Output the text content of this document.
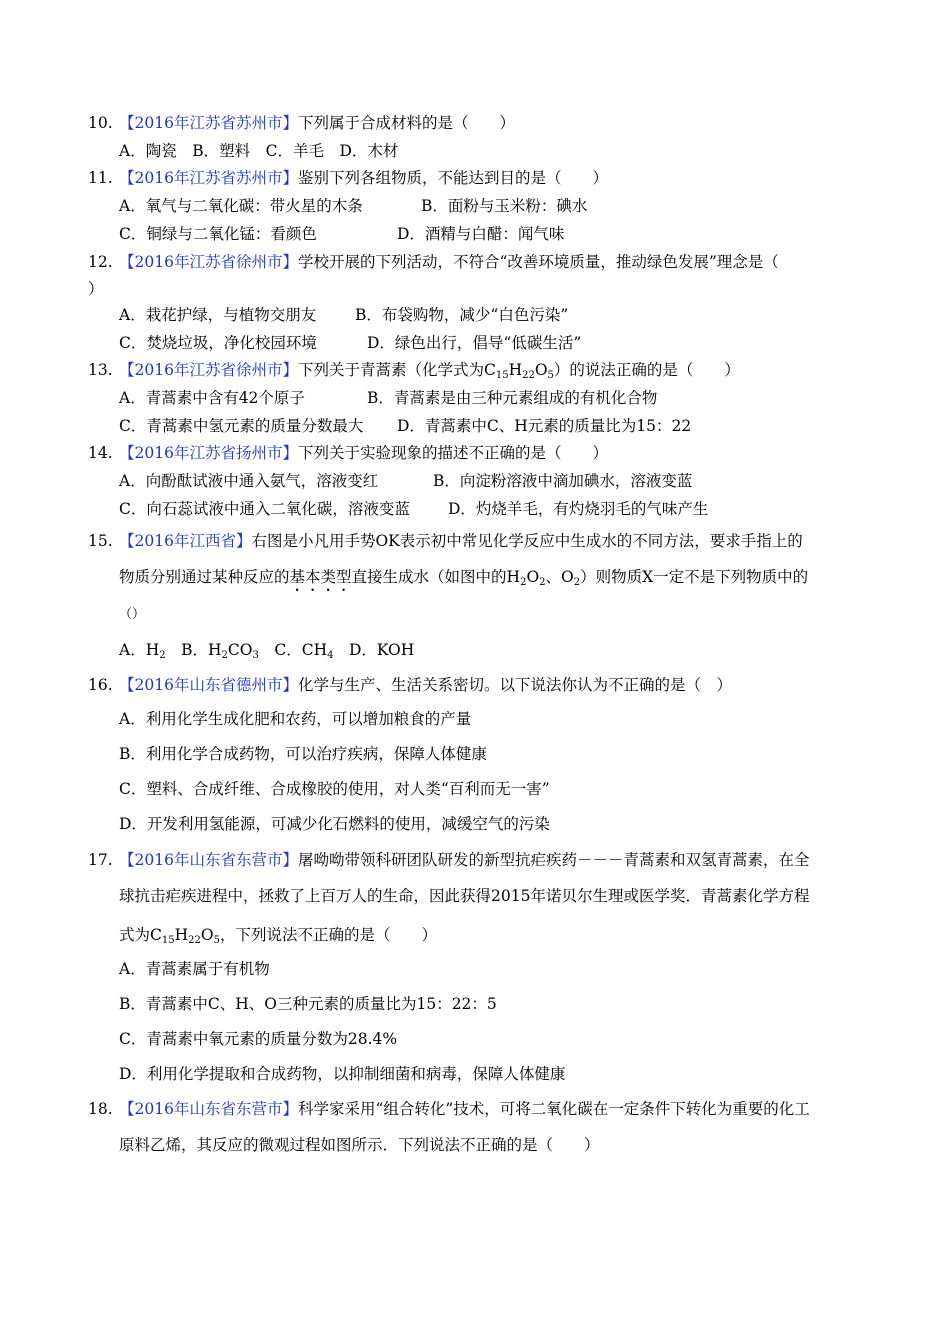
10. 【2016年江苏省苏州市】下列属于合成材料的是（　　）
A．陶瓷　B．塑料　C．羊毛　D．木材
11. 【2016年江苏省苏州市】鉴别下列各组物质，不能达到目的是（　　）
A．氧气与二氧化碳：带火星的木条	B．面粉与玉米粉：碘水
C．铜绿与二氧化锰：看颜色	D．酒精与白醋：闻气味
12. 【2016年江苏省徐州市】学校开展的下列活动，不符合“改善环境质量，推动绿色发展”理念是（
）
A．栽花护绿，与植物交朋友	B．布袋购物，减少“白色污染”
C．焚烧垃圾，净化校园环境	D．绿色出行，倡导“低碳生活”
13. 【2016年江苏省徐州市】下列关于青蒿素（化学式为$C_{15}H_{22}O_5$）的说法正确的是（　　）
A．青蒿素中含有42个原子	B．青蒿素是由三种元素组成的有机化合物
C．青蒿素中氢元素的质量分数最大 D．青蒿素中C、H元素的质量比为15：22
14. 【2016年江苏省扬州市】下列关于实验现象的描述不正确的是（　　）
A．向酚酞试液中通入氨气，溶液变红	B．向淀粉溶液中滴加碘水，溶液变蓝
C．向石蕊试液中通入二氧化碳，溶液变蓝 D．灼烧羊毛，有灼烧羽毛的气味产生
15. 【2016年江西省】右图是小凡用手势OK表示初中常见化学反应中生成水的不同方法，要求手指上的
物质分别通过某种反应的基本类型直接生成水（如图中的$H_2O_2$、$O_2$）则物质X一定不是下列物质中的
（）
A．$H_2$　B．$H_2CO_3$　C．$CH_4$　D．KOH
16. 【2016年山东省德州市】化学与生产、生活关系密切。以下说法你认为不正确的是（　）
A．利用化学生成化肥和农药，可以增加粮食的产量
B．利用化学合成药物，可以治疗疾病，保障人体健康
C．塑料、合成纤维、合成橡胶的使用，对人类“百利而无一害”
D．开发利用氢能源，可减少化石燃料的使用，减缓空气的污染
17. 【2016年山东省东营市】屠呦呦带领科研团队研发的新型抗疟疾药－－－青蒿素和双氢青蒿素，在全
球抗击疟疾进程中，拯救了上百万人的生命，因此获得2015年诺贝尔生理或医学奖．青蒿素化学方程
式为$C_{15}H_{22}O_5$，下列说法不正确的是（　　）
A．青蒿素属于有机物
B．青蒿素中C、H、O三种元素的质量比为15：22：5
C．青蒿素中氧元素的质量分数为28.4%
D．利用化学提取和合成药物，以抑制细菌和病毒，保障人体健康
18. 【2016年山东省东营市】科学家采用“组合转化”技术，可将二氧化碳在一定条件下转化为重要的化工
原料乙烯，其反应的微观过程如图所示．下列说法不正确的是（　　）
